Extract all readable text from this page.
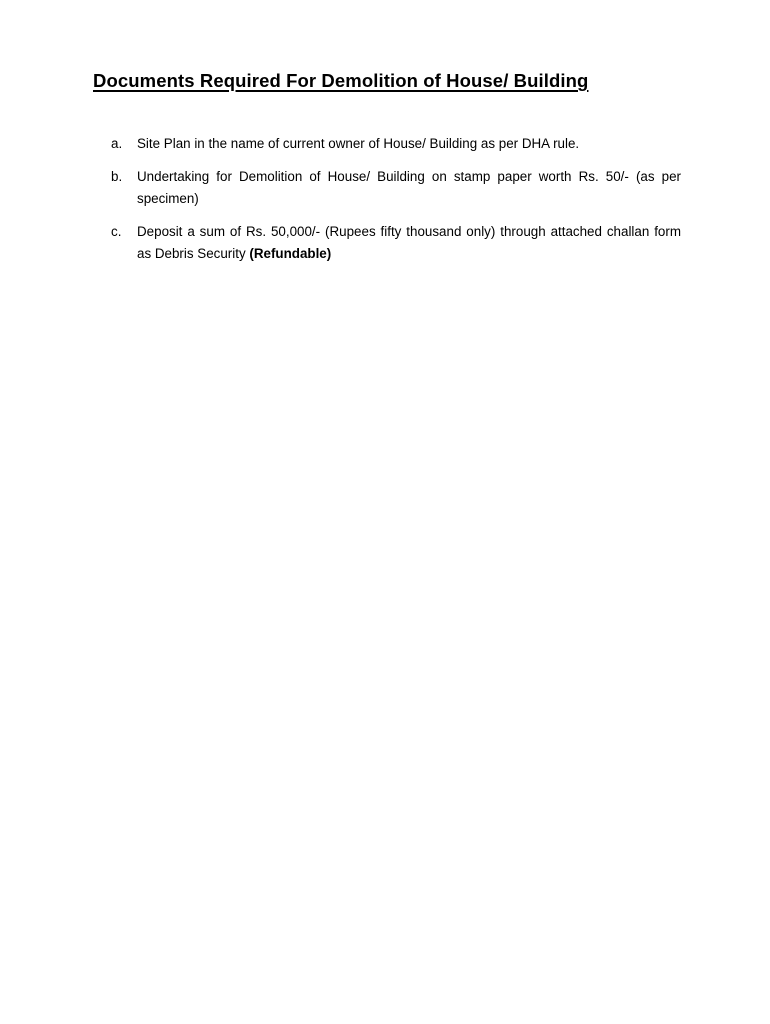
Documents Required For Demolition of House/ Building
a. Site Plan in the name of current owner of House/ Building as per DHA rule.
b. Undertaking for Demolition of House/ Building on stamp paper worth Rs. 50/- (as per specimen)
c. Deposit a sum of Rs. 50,000/- (Rupees fifty thousand only) through attached challan form as Debris Security (Refundable)
